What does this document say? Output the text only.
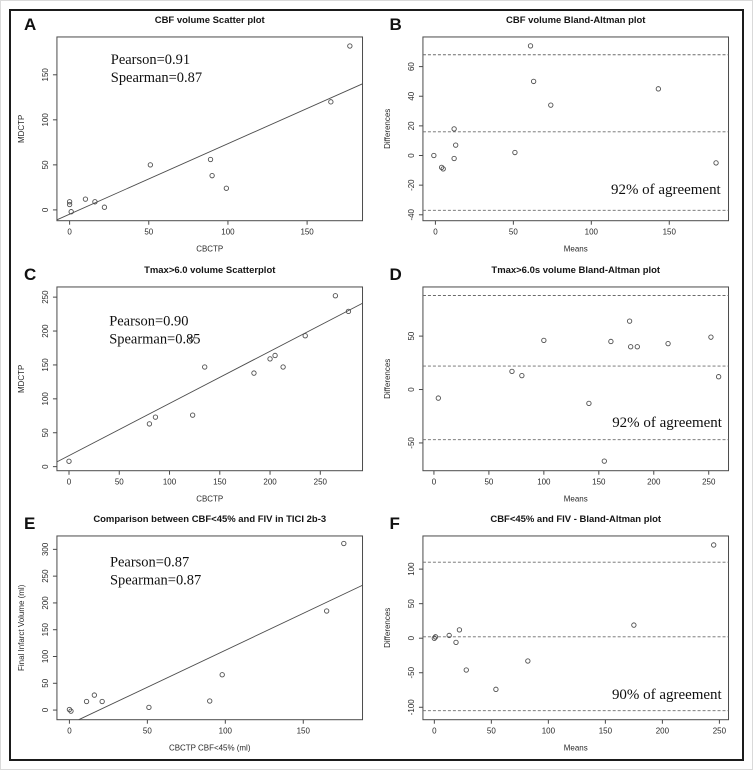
A	CBF volume Scatter plot
0	50	100	150
0
50
100
150
CBCTP
MDCTP
Pearson=0.91
Spearman=0.87
B	CBF volume Bland-Altman plot
0	50	100	150
-40
-20
0
20
40
60
Means
Differences
92% of agreement
C	Tmax>6.0 volume Scatterplot
0	50	100	150	200	250
0
50
100
150
200
250
CBCTP
MDCTP
Pearson=0.90
Spearman=0.85
D	Tmax>6.0s volume Bland-Altman plot
0	50	100	150	200	250
-50
0
50
Means
Differences
92% of agreement
E	Comparison between CBF<45% and FIV in TICI 2b-3
0	50	100	150
0
50
100
150
200
250
300
CBCTP CBF<45% (ml)
Final Infarct Volume (ml)
Pearson=0.87
Spearman=0.87
F	CBF<45% and FIV - Bland-Altman plot
0	50	100	150	200	250
-100
-50
0
50
100
Means
Differences
90% of agreement
